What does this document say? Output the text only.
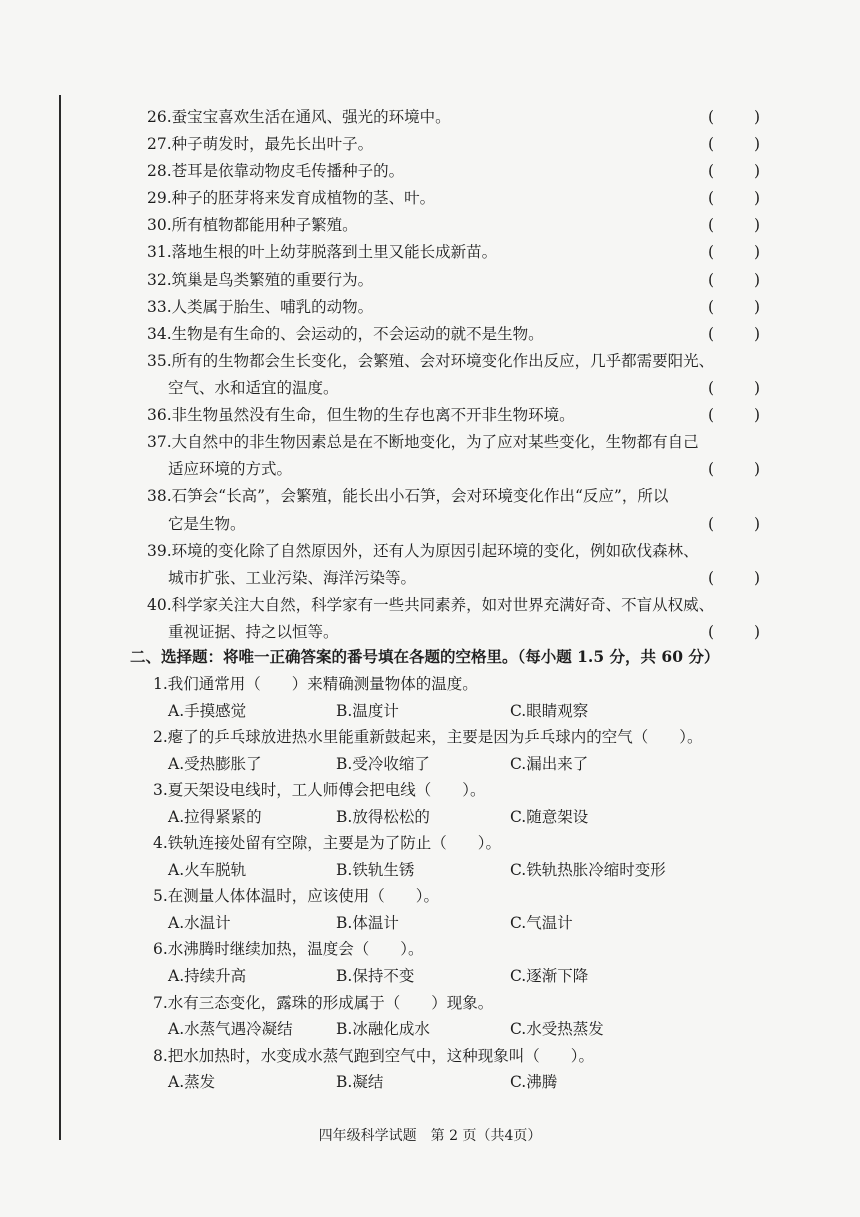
26.蚕宝宝喜欢生活在通风、强光的环境中。	(	)
27.种子萌发时，最先长出叶子。	(	)
28.苍耳是依靠动物皮毛传播种子的。	(	)
29.种子的胚芽将来发育成植物的茎、叶。	(	)
30.所有植物都能用种子繁殖。	(	)
31.落地生根的叶上幼芽脱落到土里又能长成新苗。	(	)
32.筑巢是鸟类繁殖的重要行为。	(	)
33.人类属于胎生、哺乳的动物。	(	)
34.生物是有生命的、会运动的，不会运动的就不是生物。	(	)
35.所有的生物都会生长变化，会繁殖、会对环境变化作出反应，几乎都需要阳光、
空气、水和适宜的温度。	(	)
36.非生物虽然没有生命，但生物的生存也离不开非生物环境。	(	)
37.大自然中的非生物因素总是在不断地变化，为了应对某些变化，生物都有自己
适应环境的方式。	(	)
38.石笋会“长高”，会繁殖，能长出小石笋，会对环境变化作出“反应”，所以
它是生物。	(	)
39.环境的变化除了自然原因外，还有人为原因引起环境的变化，例如砍伐森林、
城市扩张、工业污染、海洋污染等。	(	)
40.科学家关注大自然，科学家有一些共同素养，如对世界充满好奇、不盲从权威、
重视证据、持之以恒等。	(	)
二、选择题：将唯一正确答案的番号填在各题的空格里。（每小题 1.5 分，共 60 分）
1.我们通常用（　　）来精确测量物体的温度。
A.手摸感觉	B.温度计	C.眼睛观察
2.瘪了的乒乓球放进热水里能重新鼓起来，主要是因为乒乓球内的空气（　　）。
A.受热膨胀了	B.受冷收缩了	C.漏出来了
3.夏天架设电线时，工人师傅会把电线（　　）。
A.拉得紧紧的	B.放得松松的	C.随意架设
4.铁轨连接处留有空隙，主要是为了防止（　　）。
A.火车脱轨	B.铁轨生锈	C.铁轨热胀冷缩时变形
5.在测量人体体温时，应该使用（　　）。
A.水温计	B.体温计	C.气温计
6.水沸腾时继续加热，温度会（　　）。
A.持续升高	B.保持不变	C.逐渐下降
7.水有三态变化，露珠的形成属于（　　）现象。
A.水蒸气遇冷凝结	B.冰融化成水	C.水受热蒸发
8.把水加热时，水变成水蒸气跑到空气中，这种现象叫（　　）。
A.蒸发	B.凝结	C.沸腾
四年级科学试题　第 2 页（共4页）
